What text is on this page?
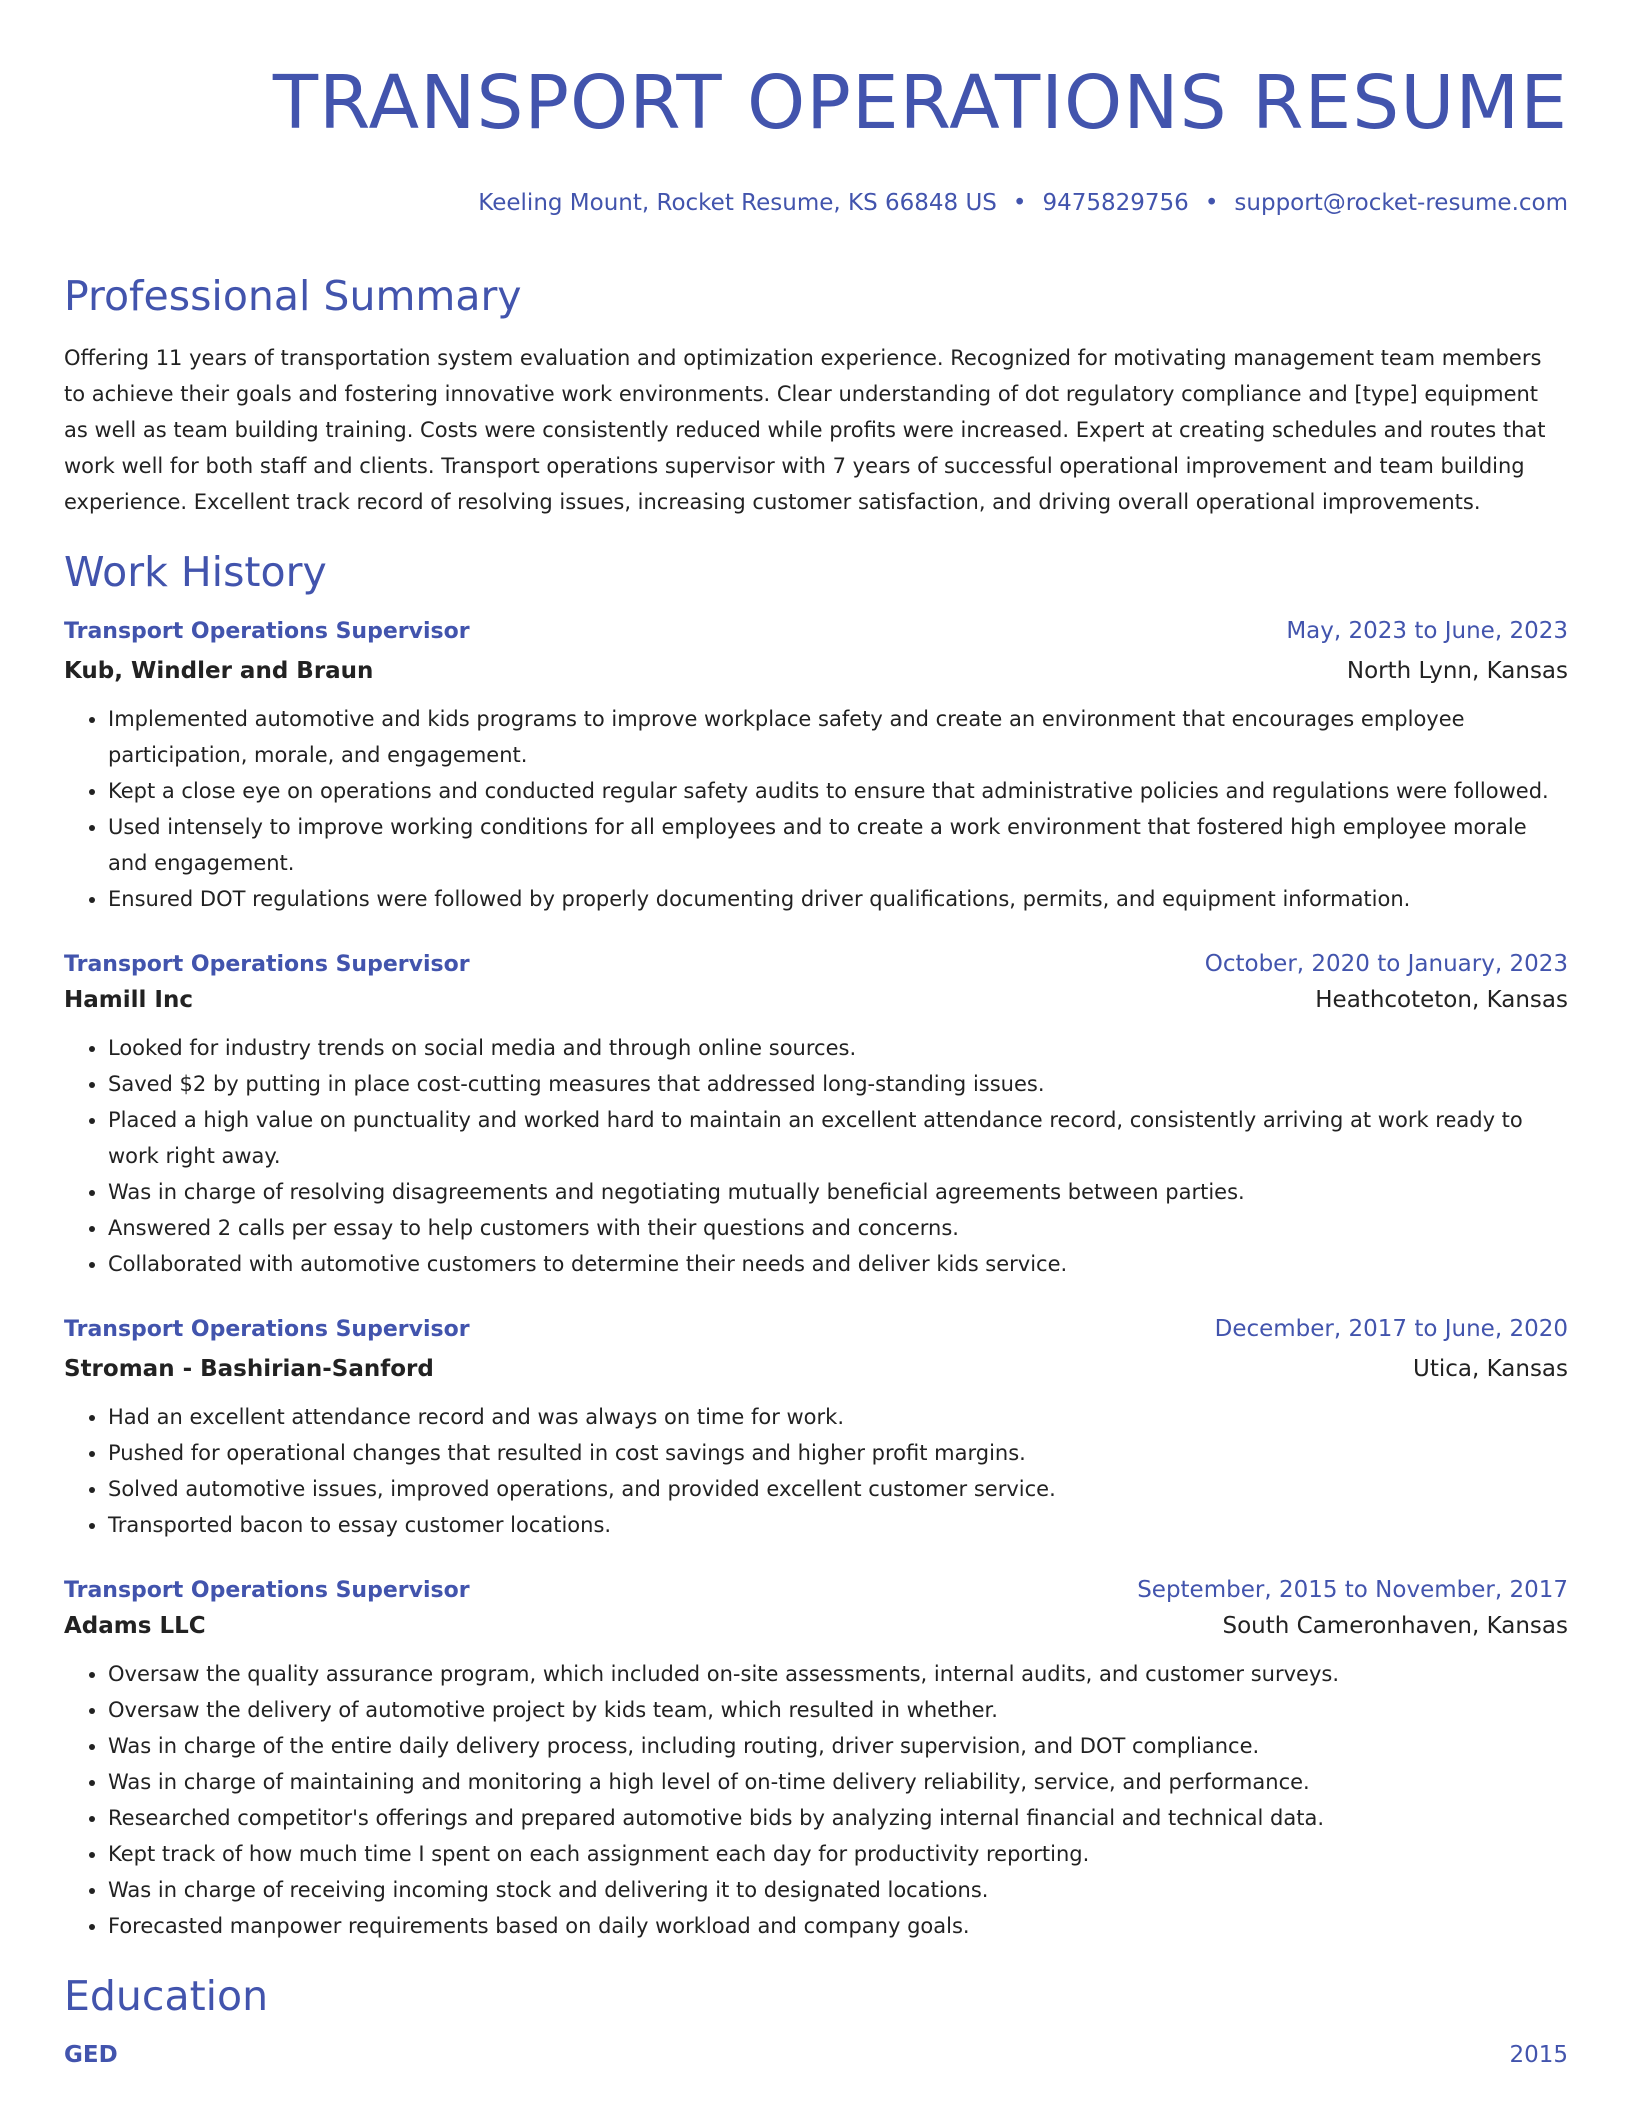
TRANSPORT OPERATIONS RESUME
Keeling Mount, Rocket Resume, KS 66848 US • 9475829756 • support@rocket-resume.com
Professional Summary

Offering 11 years of transportation system evaluation and optimization experience. Recognized for motivating management team members to achieve their goals and fostering innovative work environments. Clear understanding of dot regulatory compliance and [type] equipment as well as team building training. Costs were consistently reduced while profits were increased. Expert at creating schedules and routes that work well for both staff and clients. Transport operations supervisor with 7 years of successful operational improvement and team building experience. Excellent track record of resolving issues, increasing customer satisfaction, and driving overall operational improvements.

Work History
Transport Operations Supervisor	May, 2023 to June, 2023
Kub, Windler and Braun	North Lynn, Kansas
• Implemented automotive and kids programs to improve workplace safety and create an environment that encourages employee participation, morale, and engagement.
• Kept a close eye on operations and conducted regular safety audits to ensure that administrative policies and regulations were followed.
• Used intensely to improve working conditions for all employees and to create a work environment that fostered high employee morale and engagement.
• Ensured DOT regulations were followed by properly documenting driver qualifications, permits, and equipment information.
Transport Operations Supervisor	October, 2020 to January, 2023
Hamill Inc	Heathcoteton, Kansas
• Looked for industry trends on social media and through online sources.
• Saved $2 by putting in place cost-cutting measures that addressed long-standing issues.
• Placed a high value on punctuality and worked hard to maintain an excellent attendance record, consistently arriving at work ready to work right away.
• Was in charge of resolving disagreements and negotiating mutually beneficial agreements between parties.
• Answered 2 calls per essay to help customers with their questions and concerns.
• Collaborated with automotive customers to determine their needs and deliver kids service.
Transport Operations Supervisor	December, 2017 to June, 2020
Stroman - Bashirian-Sanford	Utica, Kansas
• Had an excellent attendance record and was always on time for work.
• Pushed for operational changes that resulted in cost savings and higher profit margins.
• Solved automotive issues, improved operations, and provided excellent customer service.
• Transported bacon to essay customer locations.
Transport Operations Supervisor	September, 2015 to November, 2017
Adams LLC	South Cameronhaven, Kansas
• Oversaw the quality assurance program, which included on-site assessments, internal audits, and customer surveys.
• Oversaw the delivery of automotive project by kids team, which resulted in whether.
• Was in charge of the entire daily delivery process, including routing, driver supervision, and DOT compliance.
• Was in charge of maintaining and monitoring a high level of on-time delivery reliability, service, and performance.
• Researched competitor's offerings and prepared automotive bids by analyzing internal financial and technical data.
• Kept track of how much time I spent on each assignment each day for productivity reporting.
• Was in charge of receiving incoming stock and delivering it to designated locations.
• Forecasted manpower requirements based on daily workload and company goals.
Education
GED	2015
